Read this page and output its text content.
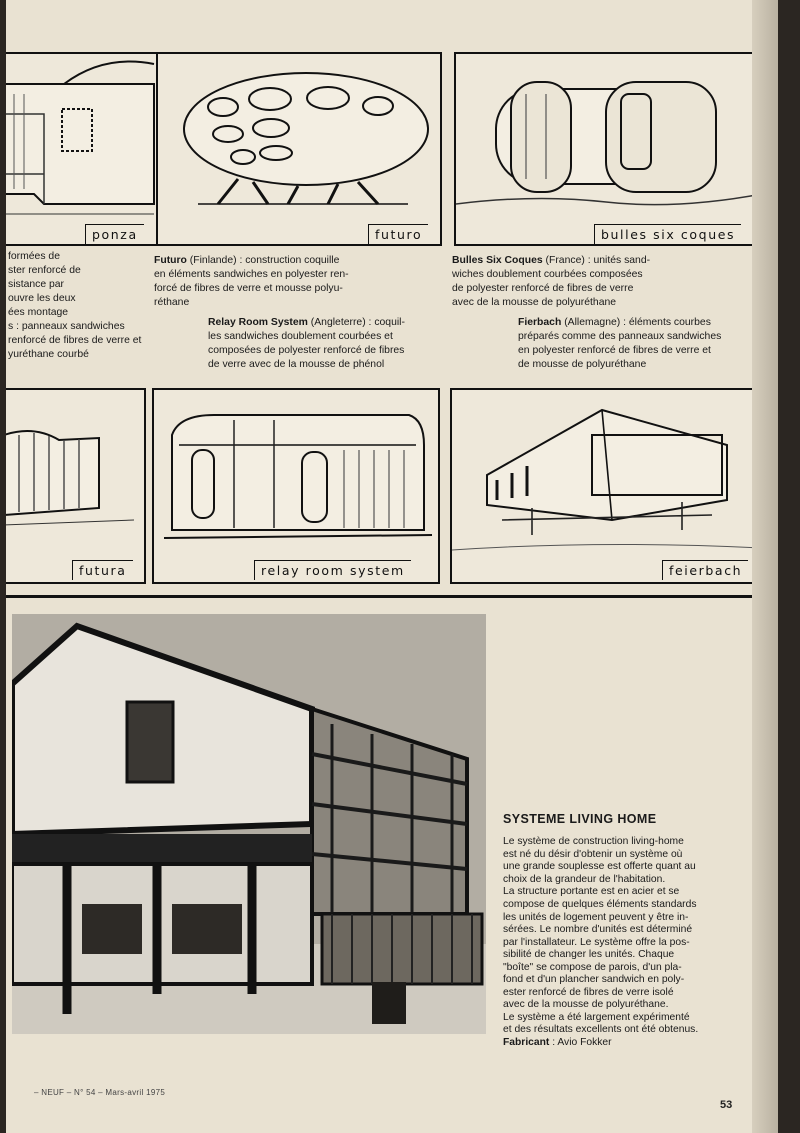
ponza	futuro	bulles six coques
formées de
ster renforcé de
sistance par
ouvre les deux
ées montage
s : panneaux sandwiches
renforcé de fibres de verre et
yuréthane courbé
Futuro (Finlande) : construction coquille
en éléments sandwiches en polyester ren-
forcé de fibres de verre et mousse polyu-
réthane
Relay Room System (Angleterre) : coquil-
les sandwiches doublement courbées et
composées de polyester renforcé de fibres
de verre avec de la mousse de phénol
Bulles Six Coques (France) : unités sand-
wiches doublement courbées composées
de polyester renforcé de fibres de verre
avec de la mousse de polyuréthane
Fierbach (Allemagne) : éléments courbes
préparés comme des panneaux sandwiches
en polyester renforcé de fibres de verre et
de mousse de polyuréthane
futura	relay room system	feierbach
SYSTEME LIVING HOME

Le système de construction living-home
est né du désir d'obtenir un système où
une grande souplesse est offerte quant au
choix de la grandeur de l'habitation.
La structure portante est en acier et se
compose de quelques éléments standards
les unités de logement peuvent y être in-
sérées. Le nombre d'unités est déterminé
par l'installateur. Le système offre la pos-
sibilité de changer les unités. Chaque
"boîte" se compose de parois, d'un pla-
fond et d'un plancher sandwich en poly-
ester renforcé de fibres de verre isolé
avec de la mousse de polyuréthane.
Le système a été largement expérimenté
et des résultats excellents ont été obtenus.
Fabricant : Avio Fokker

– NEUF – N° 54 – Mars-avril 1975
53
